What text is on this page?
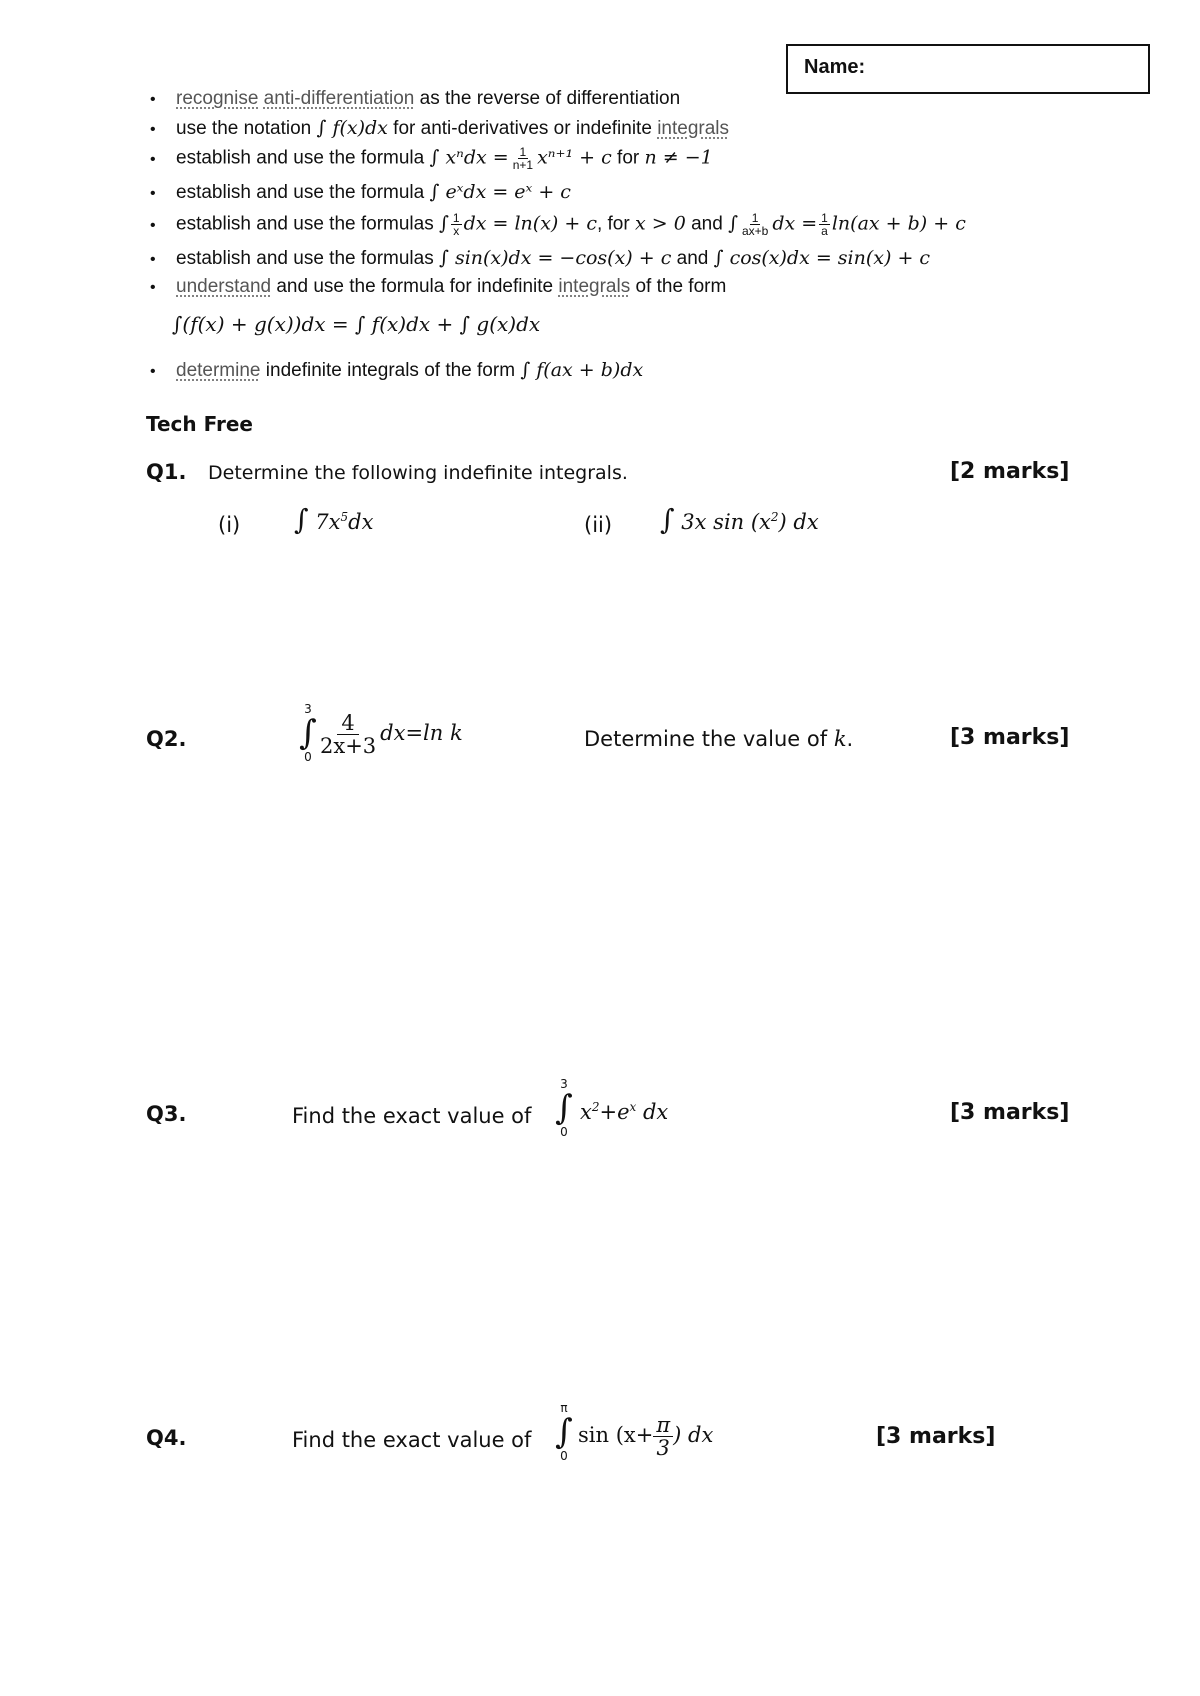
Name:
• recognise anti-differentiation as the reverse of differentiation
• use the notation ∫ f(x)dx for anti-derivatives or indefinite integrals
• establish and use the formula ∫ $x^ndx = \frac{1}{n+1} x^{n+1} + c$ for n ≠ −1
• establish and use the formula ∫ eˣdx = eˣ + c
• establish and use the formulas ∫ $\frac{1}{x}$ dx = ln(x) + c, for x > 0 and ∫ $\frac{1}{ax+b}$ dx = $\frac{1}{a} \ln(ax + b) + c$
• establish and use the formulas ∫ sin(x)dx = −cos(x) + c and ∫ cos(x)dx = sin(x) + c
• understand and use the formula for indefinite integrals of the form
∫(f(x) + g(x))dx = ∫ f(x)dx + ∫ g(x)dx
• determine indefinite integrals of the form ∫ f(ax + b)dx
Tech Free
Q1. Determine the following indefinite integrals.	[2 marks]
(i) ∫ $7x^5dx$	(ii) ∫ 3x $\sin (x^2)$ dx
Q2.
3
∫
$0 \frac{4}{2x+3} dx=\ln$ k	Determine the value of k.	[3 marks]
Q3.	Find the exact value of
3
∫
0
$x^2+e^x$ dx	[3 marks]
Q4.	Find the exact value of
π
∫
0
$\sin (x+ \frac{\pi}{3}$ ) dx	[3 marks]
